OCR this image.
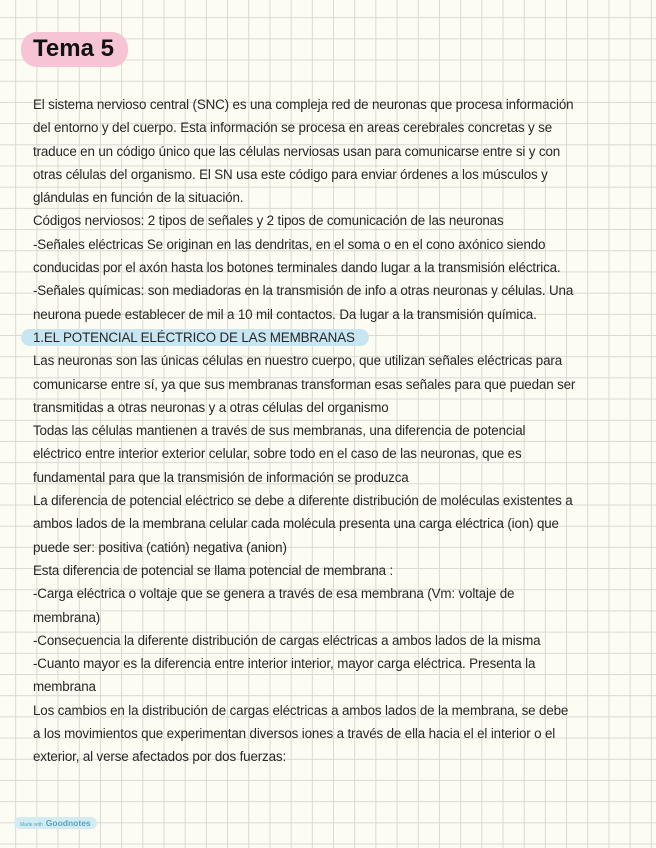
Tema 5
El sistema nervioso central (SNC) es una compleja red de neuronas que procesa información
del entorno y del cuerpo. Esta información se procesa en areas cerebrales concretas y se
traduce en un código único que las células nerviosas usan para comunicarse entre si y con
otras células del organismo. El SN usa este código para enviar órdenes a los músculos y
glándulas en función de la situación.
Códigos nerviosos: 2 tipos de señales y 2 tipos de comunicación de las neuronas
-Señales eléctricas Se originan en las dendritas, en el soma o en el cono axónico siendo
conducidas por el axón hasta los botones terminales dando lugar a la transmisión eléctrica.
-Señales químicas: son mediadoras en la transmisión de info a otras neuronas y células. Una
neurona puede establecer de mil a 10 mil contactos. Da lugar a la transmisión química.
1.EL POTENCIAL ELÉCTRICO DE LAS MEMBRANAS
Las neuronas son las únicas células en nuestro cuerpo, que utilizan señales eléctricas para
comunicarse entre sí, ya que sus membranas transforman esas señales para que puedan ser
transmitidas a otras neuronas y a otras células del organismo
Todas las células mantienen a través de sus membranas, una diferencia de potencial
eléctrico entre interior exterior celular, sobre todo en el caso de las neuronas, que es
fundamental para que la transmisión de información se produzca
La diferencia de potencial eléctrico se debe a diferente distribución de moléculas existentes a
ambos lados de la membrana celular cada molécula presenta una carga eléctrica (ion) que
puede ser: positiva (catión) negativa (anion)
Esta diferencia de potencial se llama potencial de membrana :
-Carga eléctrica o voltaje que se genera a través de esa membrana (Vm: voltaje de
membrana)
-Consecuencia la diferente distribución de cargas eléctricas a ambos lados de la misma
-Cuanto mayor es la diferencia entre interior interior, mayor carga eléctrica. Presenta la
membrana
Los cambios en la distribución de cargas eléctricas a ambos lados de la membrana, se debe
a los movimientos que experimentan diversos iones a través de ella hacia el el interior o el
exterior, al verse afectados por dos fuerzas:
Made with Goodnotes
